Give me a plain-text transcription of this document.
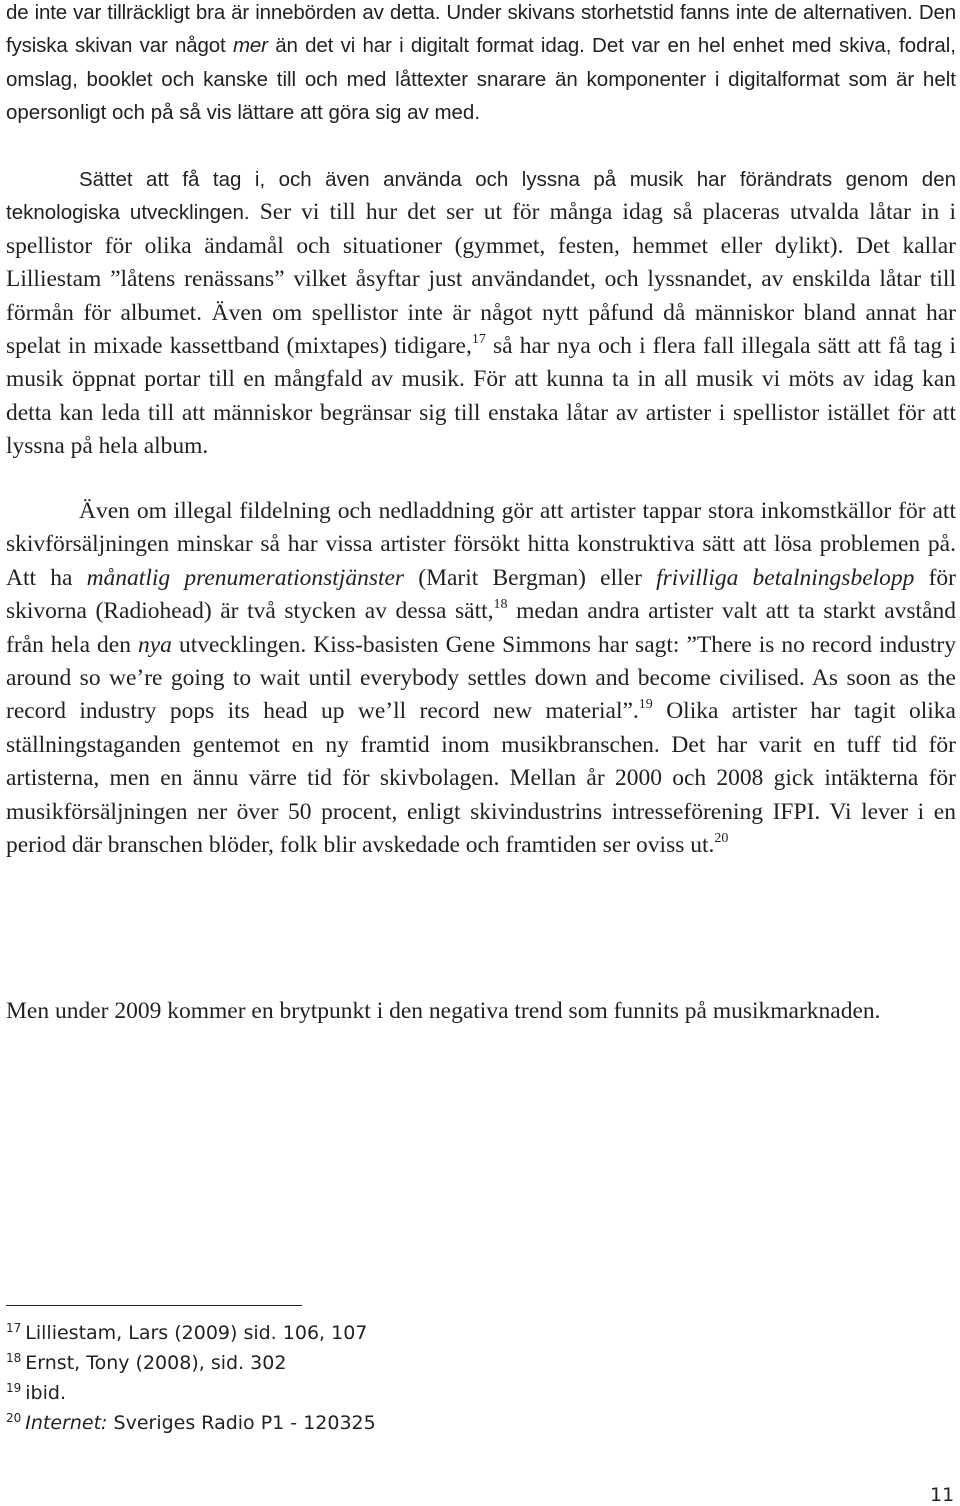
de inte var tillräckligt bra är innebörden av detta. Under skivans storhetstid fanns inte de alternativen. Den fysiska skivan var något mer än det vi har i digitalt format idag. Det var en hel enhet med skiva, fodral, omslag, booklet och kanske till och med låttexter snarare än komponenter i digitalformat som är helt opersonligt och på så vis lättare att göra sig av med.

Sättet att få tag i, och även använda och lyssna på musik har förändrats genom den teknologiska utvecklingen. Ser vi till hur det ser ut för många idag så placeras utvalda låtar in i spellistor för olika ändamål och situationer (gymmet, festen, hemmet eller dylikt). Det kallar Lilliestam ”låtens renässans” vilket åsyftar just användandet, och lyssnandet, av enskilda låtar till förmån för albumet. Även om spellistor inte är något nytt påfund då människor bland annat har spelat in mixade kassettband (mixtapes) tidigare,$^{17}$ så har nya och i flera fall illegala sätt att få tag i musik öppnat portar till en mångfald av musik. För att kunna ta in all musik vi möts av idag kan detta kan leda till att människor begränsar sig till enstaka låtar av artister i spellistor istället för att lyssna på hela album.

Även om illegal fildelning och nedladdning gör att artister tappar stora inkomstkällor för att skivförsäljningen minskar så har vissa artister försökt hitta konstruktiva sätt att lösa problemen på. Att ha månatlig prenumerationstjänster (Marit Bergman) eller frivilliga betalningsbelopp för skivorna (Radiohead) är två stycken av dessa sätt,$^{18}$ medan andra artister valt att ta starkt avstånd från hela den nya utvecklingen. Kiss-basisten Gene Simmons har sagt: ”There is no record industry around so we’re going to wait until everybody settles down and become civilised. As soon as the record industry pops its head up we’ll record new material”.$^{19}$ Olika artister har tagit olika ställningstaganden gentemot en ny framtid inom musikbranschen. Det har varit en tuff tid för artisterna, men en ännu värre tid för skivbolagen. Mellan år 2000 och 2008 gick intäkterna för musikförsäljningen ner över 50 procent, enligt skivindustrins intresseförening IFPI. Vi lever i en period där branschen blöder, folk blir avskedade och framtiden ser oviss ut.$^{20}$

Men under 2009 kommer en brytpunkt i den negativa trend som funnits på musikmarknaden.

$^{17}$ Lilliestam, Lars (2009) sid. 106, 107
$^{18}$ Ernst, Tony (2008), sid. 302
$^{19}$ ibid.
$^{20}$ Internet: Sveriges Radio P1 - 120325
11
